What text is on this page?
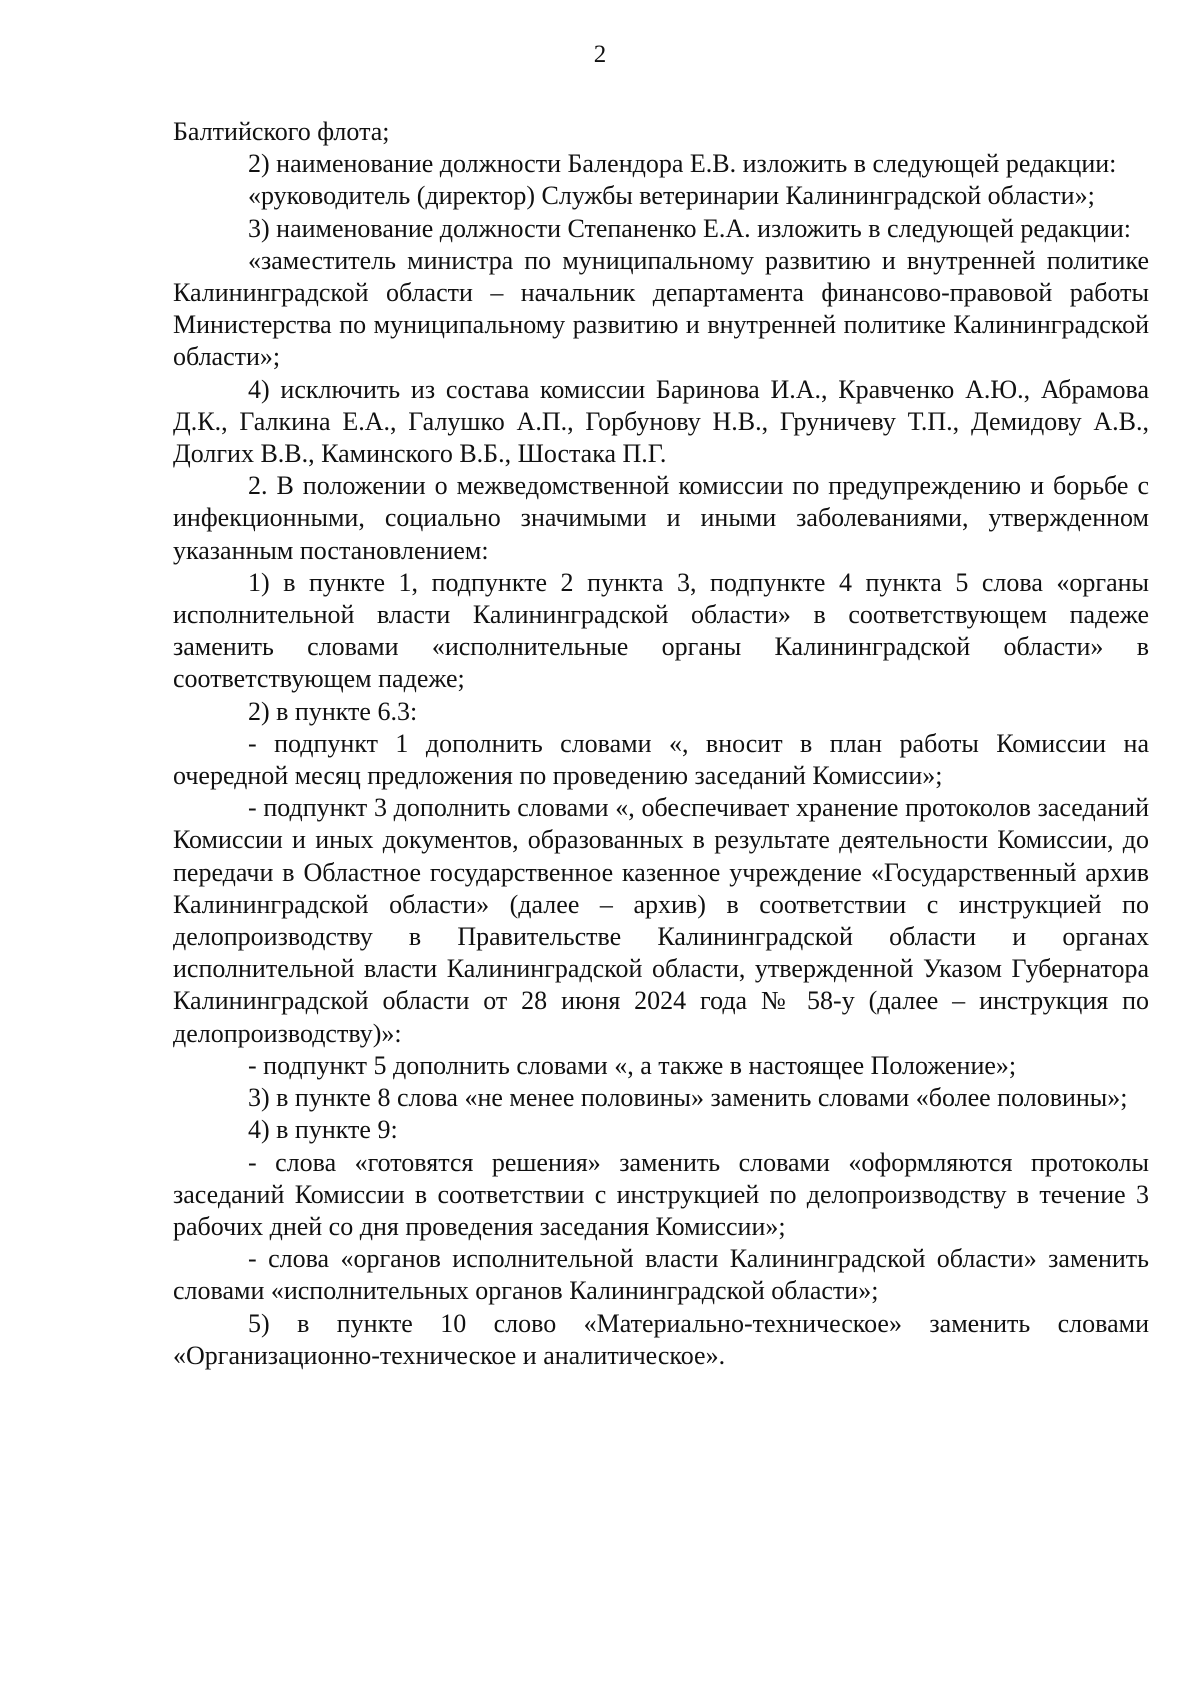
2

Балтийского флота;

2) наименование должности Балендора Е.В. изложить в следующей редакции:

«руководитель (директор) Службы ветеринарии Калининградской области»;

3) наименование должности Степаненко Е.А. изложить в следующей редакции:

«заместитель министра по муниципальному развитию и внутренней политике Калининградской области – начальник департамента финансово-правовой работы Министерства по муниципальному развитию и внутренней политике Калининградской области»;

4) исключить из состава комиссии Баринова И.А., Кравченко А.Ю., Абрамова Д.К., Галкина Е.А., Галушко А.П., Горбунову Н.В., Груничеву Т.П., Демидову А.В., Долгих В.В., Каминского В.Б., Шостака П.Г.

2. В положении о межведомственной комиссии по предупреждению и борьбе с инфекционными, социально значимыми и иными заболеваниями, утвержденном указанным постановлением:

1) в пункте 1, подпункте 2 пункта 3, подпункте 4 пункта 5 слова «органы исполнительной власти Калининградской области» в соответствующем падеже заменить словами «исполнительные органы Калининградской области» в соответствующем падеже;

2) в пункте 6.3:

- подпункт 1 дополнить словами «, вносит в план работы Комиссии на очередной месяц предложения по проведению заседаний Комиссии»;

- подпункт 3 дополнить словами «, обеспечивает хранение протоколов заседаний Комиссии и иных документов, образованных в результате деятельности Комиссии, до передачи в Областное государственное казенное учреждение «Государственный архив Калининградской области» (далее – архив) в соответствии с инструкцией по делопроизводству в Правительстве Калининградской области и органах исполнительной власти Калининградской области, утвержденной Указом Губернатора Калининградской области от 28 июня 2024 года № 58-у (далее – инструкция по делопроизводству)»:

- подпункт 5 дополнить словами «, а также в настоящее Положение»;

3) в пункте 8 слова «не менее половины» заменить словами «более половины»;

4) в пункте 9:

- слова «готовятся решения» заменить словами «оформляются протоколы заседаний Комиссии в соответствии с инструкцией по делопроизводству в течение 3 рабочих дней со дня проведения заседания Комиссии»;

- слова «органов исполнительной власти Калининградской области» заменить словами «исполнительных органов Калининградской области»;

5) в пункте 10 слово «Материально-техническое» заменить словами «Организационно-техническое и аналитическое».
